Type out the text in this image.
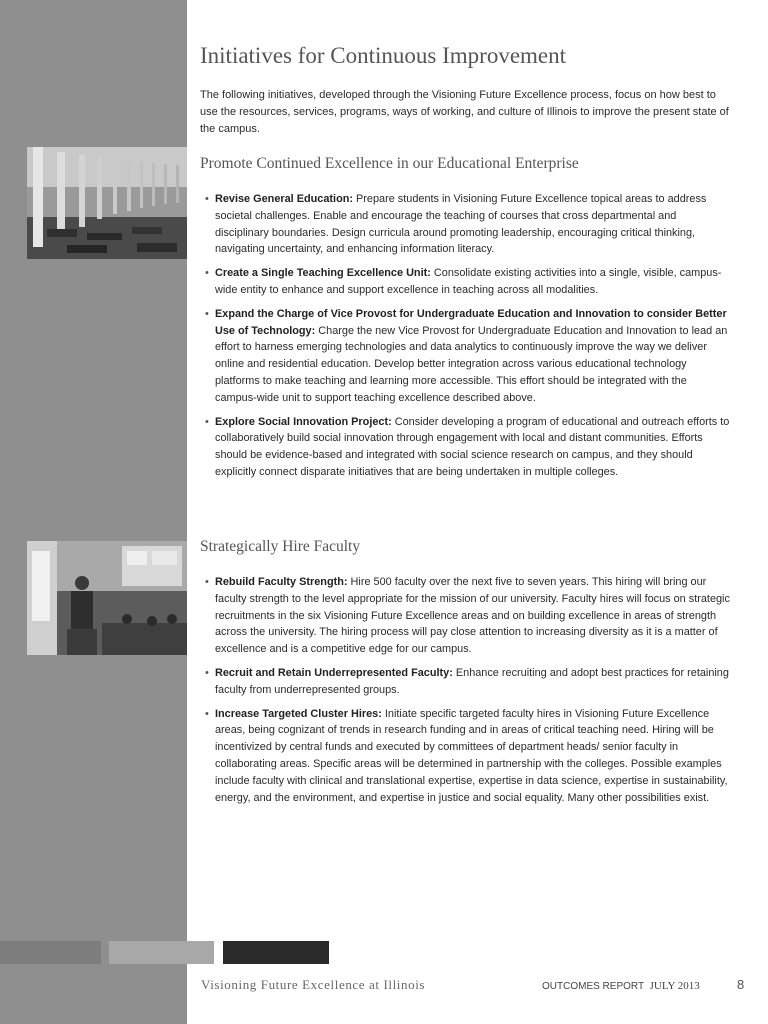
Initiatives for Continuous Improvement

The following initiatives, developed through the Visioning Future Excellence process, focus on how best to use the resources, services, programs, ways of working, and culture of Illinois to improve the present state of the campus.

Promote Continued Excellence in our Educational Enterprise
• Revise General Education: Prepare students in Visioning Future Excellence topical areas to address societal challenges. Enable and encourage the teaching of courses that cross departmental and disciplinary boundaries. Design curricula around promoting leadership, encouraging critical thinking, navigating uncertainty, and enhancing information literacy.
• Create a Single Teaching Excellence Unit: Consolidate existing activities into a single, visible, campus-wide entity to enhance and support excellence in teaching across all modalities.
• Expand the Charge of Vice Provost for Undergraduate Education and Innovation to consider Better Use of Technology: Charge the new Vice Provost for Undergraduate Education and Innovation to lead an effort to harness emerging technologies and data analytics to continuously improve the way we deliver online and residential education. Develop better integration across various educational technology platforms to make teaching and learning more accessible. This effort should be integrated with the campus-wide unit to support teaching excellence described above.
• Explore Social Innovation Project: Consider developing a program of educational and outreach efforts to collaboratively build social innovation through engagement with local and distant communities. Efforts should be evidence-based and integrated with social science research on campus, and they should explicitly connect disparate initiatives that are being undertaken in multiple colleges.
Strategically Hire Faculty
• Rebuild Faculty Strength: Hire 500 faculty over the next five to seven years. This hiring will bring our faculty strength to the level appropriate for the mission of our university. Faculty hires will focus on strategic recruitments in the six Visioning Future Excellence areas and on building excellence in areas of strength across the university. The hiring process will pay close attention to increasing diversity as it is a matter of excellence and is a competitive edge for our campus.
• Recruit and Retain Underrepresented Faculty: Enhance recruiting and adopt best practices for retaining faculty from underrepresented groups.
• Increase Targeted Cluster Hires: Initiate specific targeted faculty hires in Visioning Future Excellence areas, being cognizant of trends in research funding and in areas of critical teaching need. Hiring will be incentivized by central funds and executed by committees of department heads/ senior faculty in collaborating areas. Specific areas will be determined in partnership with the colleges. Possible examples include faculty with clinical and translational expertise, expertise in data science, expertise in sustainability, energy, and the environment, and expertise in justice and social equality. Many other possibilities exist.

Visioning Future Excellence at Illinois	OUTCOMES REPORT JULY 2013	8
